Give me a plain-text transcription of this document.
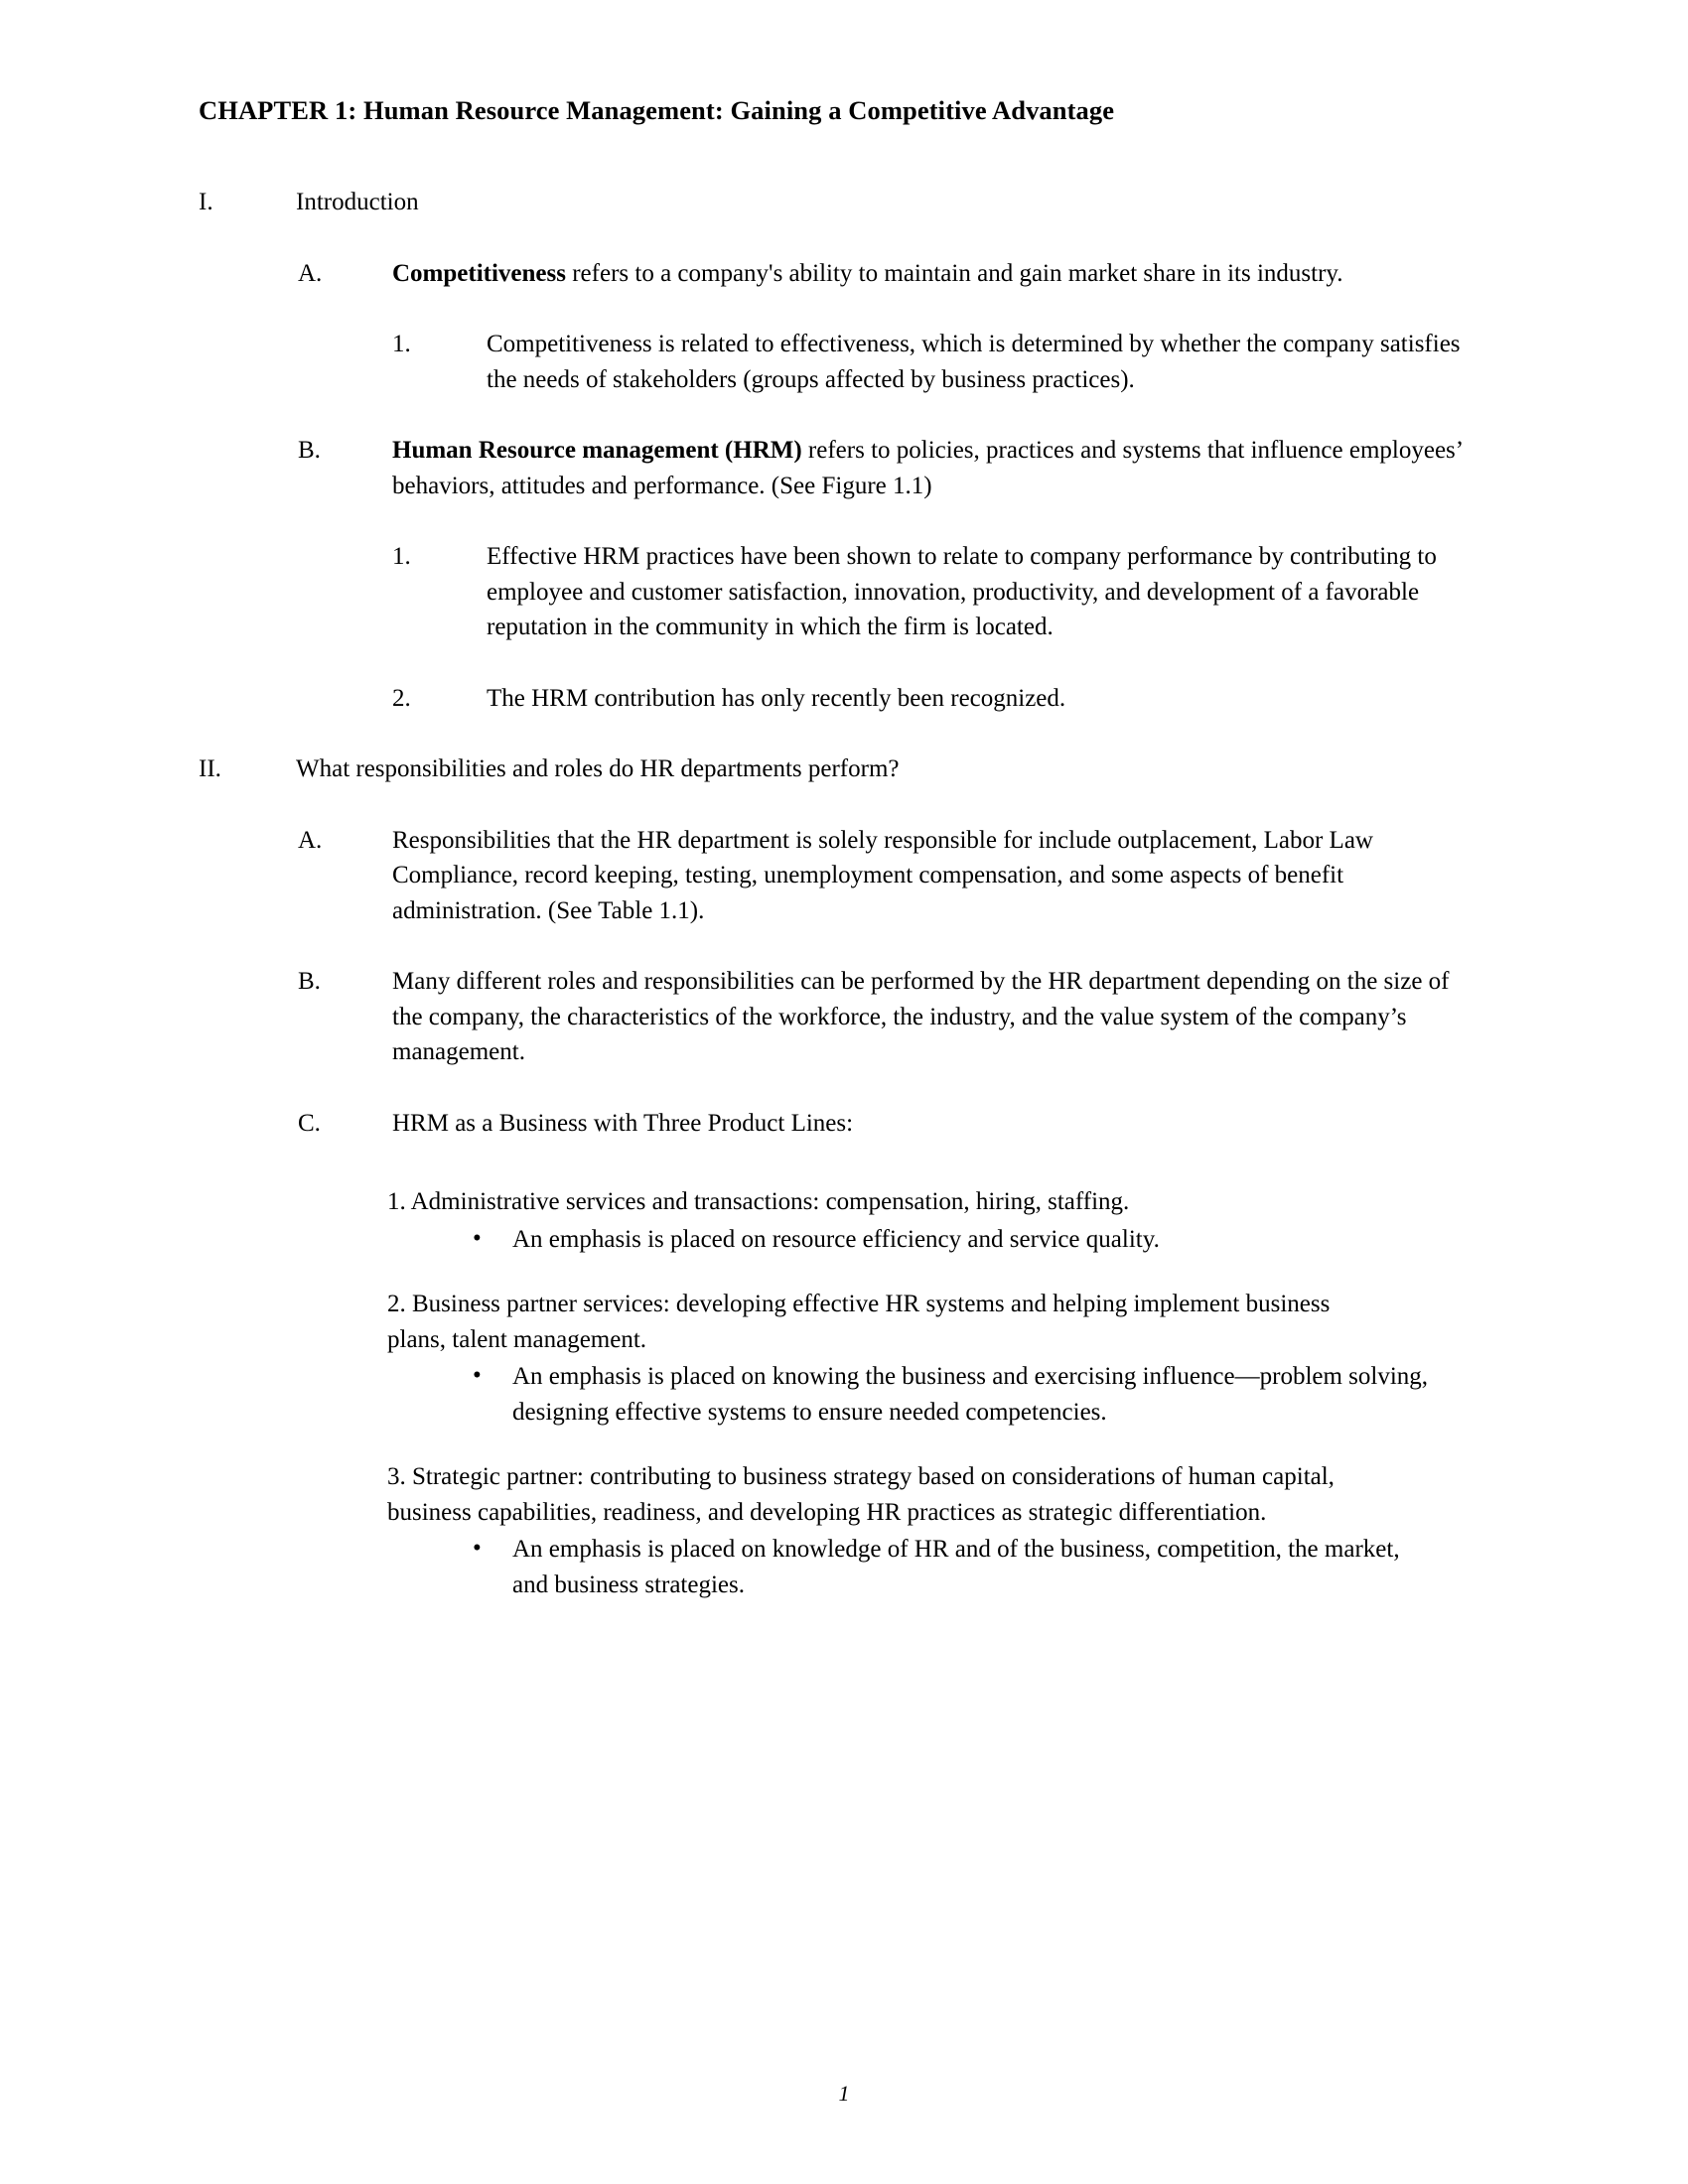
CHAPTER 1: Human Resource Management: Gaining a Competitive Advantage
I.	Introduction
A.	Competitiveness refers to a company's ability to maintain and gain market share in its industry.
1.	Competitiveness is related to effectiveness, which is determined by whether the company satisfies the needs of stakeholders (groups affected by business practices).
B.	Human Resource management (HRM) refers to policies, practices and systems that influence employees’ behaviors, attitudes and performance. (See Figure 1.1)
1.	Effective HRM practices have been shown to relate to company performance by contributing to employee and customer satisfaction, innovation, productivity, and development of a favorable reputation in the community in which the firm is located.
2.	The HRM contribution has only recently been recognized.
II.	What responsibilities and roles do HR departments perform?
A.	Responsibilities that the HR department is solely responsible for include outplacement, Labor Law Compliance, record keeping, testing, unemployment compensation, and some aspects of benefit administration. (See Table 1.1).
B.	Many different roles and responsibilities can be performed by the HR department depending on the size of the company, the characteristics of the workforce, the industry, and the value system of the company’s management.
C.	HRM as a Business with Three Product Lines:

1. Administrative services and transactions: compensation, hiring, staffing.

• An emphasis is placed on resource efficiency and service quality.

2. Business partner services: developing effective HR systems and helping implement business plans, talent management.

• An emphasis is placed on knowing the business and exercising influence—problem solving, designing effective systems to ensure needed competencies.

3. Strategic partner: contributing to business strategy based on considerations of human capital, business capabilities, readiness, and developing HR practices as strategic differentiation.

• An emphasis is placed on knowledge of HR and of the business, competition, the market, and business strategies.
1
